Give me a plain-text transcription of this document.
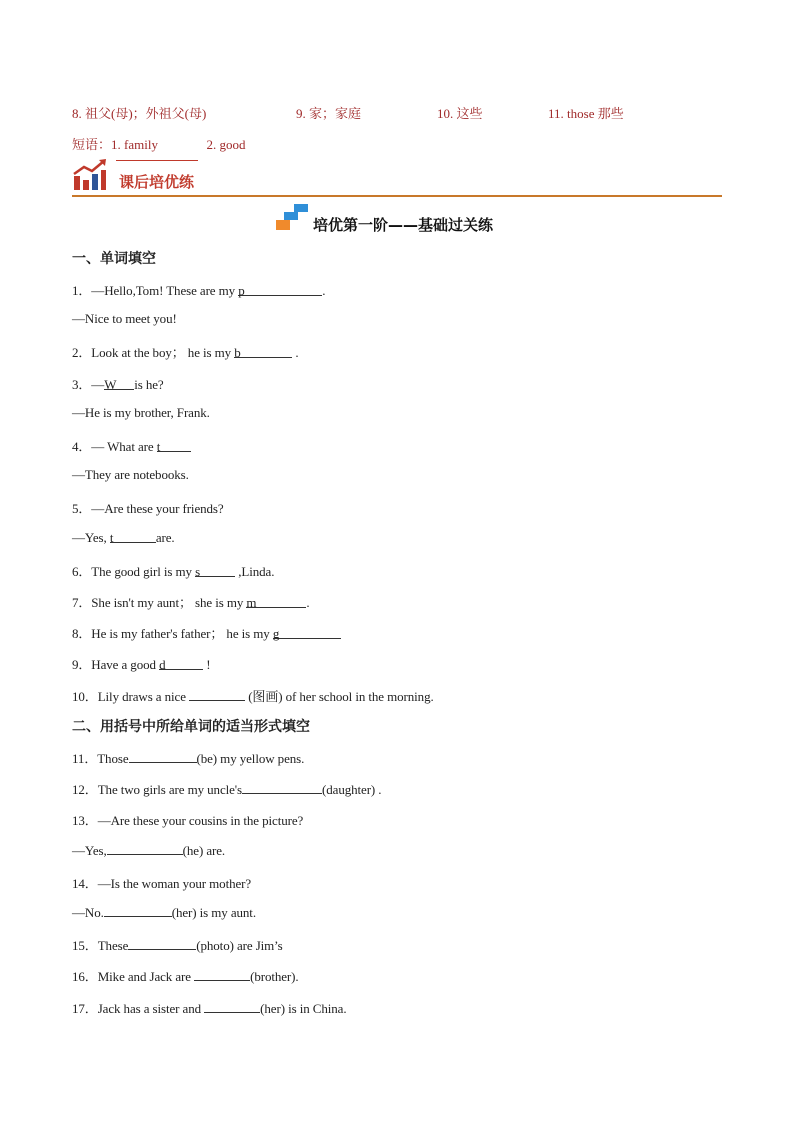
8. 祖父(母)；外祖父(母)	9. 家；家庭	10. 这些	11. those 那些
短语：1. family	2. good
课后培优练
培优第一阶——基础过关练
一、单词填空
1．—Hello,Tom! These are my p	.
—Nice to meet you!
2．Look at the boy； he is my b	.
3．—W is he?
—He is my brother, Frank.
4．— What are t
—They are notebooks.
5．—Are these your friends?
—Yes, t	are.
6．The good girl is my s	,Linda.
7．She isn't my aunt； she is my m	.
8．He is my father's father； he is my g
9．Have a good d	!
10．Lily draws a nice	(图画) of her school in the morning.
二、用括号中所给单词的适当形式填空
11．Those	(be) my yellow pens.
12．The two girls are my uncle's	(daughter) .
13．—Are these your cousins in the picture?
—Yes,	(he) are.
14．—Is the woman your mother?
—No.	(her) is my aunt.
15．These	(photo) are Jim’s
16．Mike and Jack are	(brother).
17．Jack has a sister and	(her) is in China.
